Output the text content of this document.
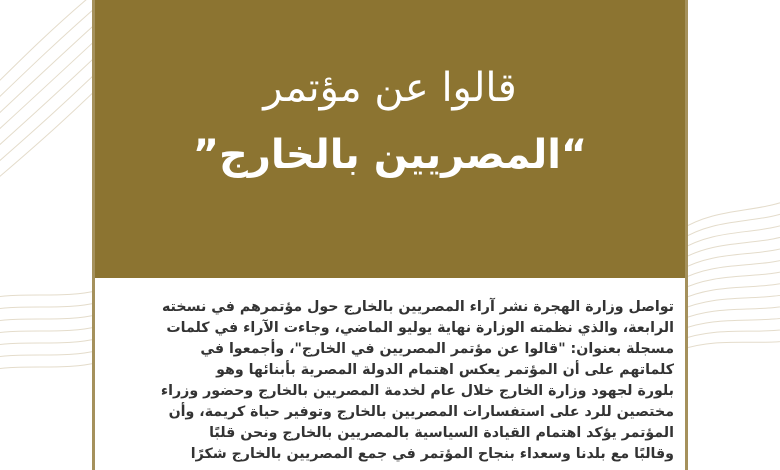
قالوا عن مؤتمر
“المصريين بالخارج”

تواصل وزارة الهجرة نشر آراء المصريين بالخارج حول مؤتمرهم في نسخته

الرابعة، والذي نظمته الوزارة نهاية يوليو الماضي، وجاءت الآراء في كلمات

مسجلة بعنوان: "قالوا عن مؤتمر المصريين في الخارج"، وأجمعوا في

كلماتهم على أن المؤتمر يعكس اهتمام الدولة المصرية بأبنائها وهو

بلورة لجهود وزارة الخارج خلال عام لخدمة المصريين بالخارج وحضور وزراء

مختصين للرد على استفسارات المصريين بالخارج وتوفير حياة كريمة، وأن

المؤتمر يؤكد اهتمام القيادة السياسية بالمصريين بالخارج ونحن قلبًا

وقالبًا مع بلدنا وسعداء بنجاح المؤتمر في جمع المصريين بالخارج شكرًا
